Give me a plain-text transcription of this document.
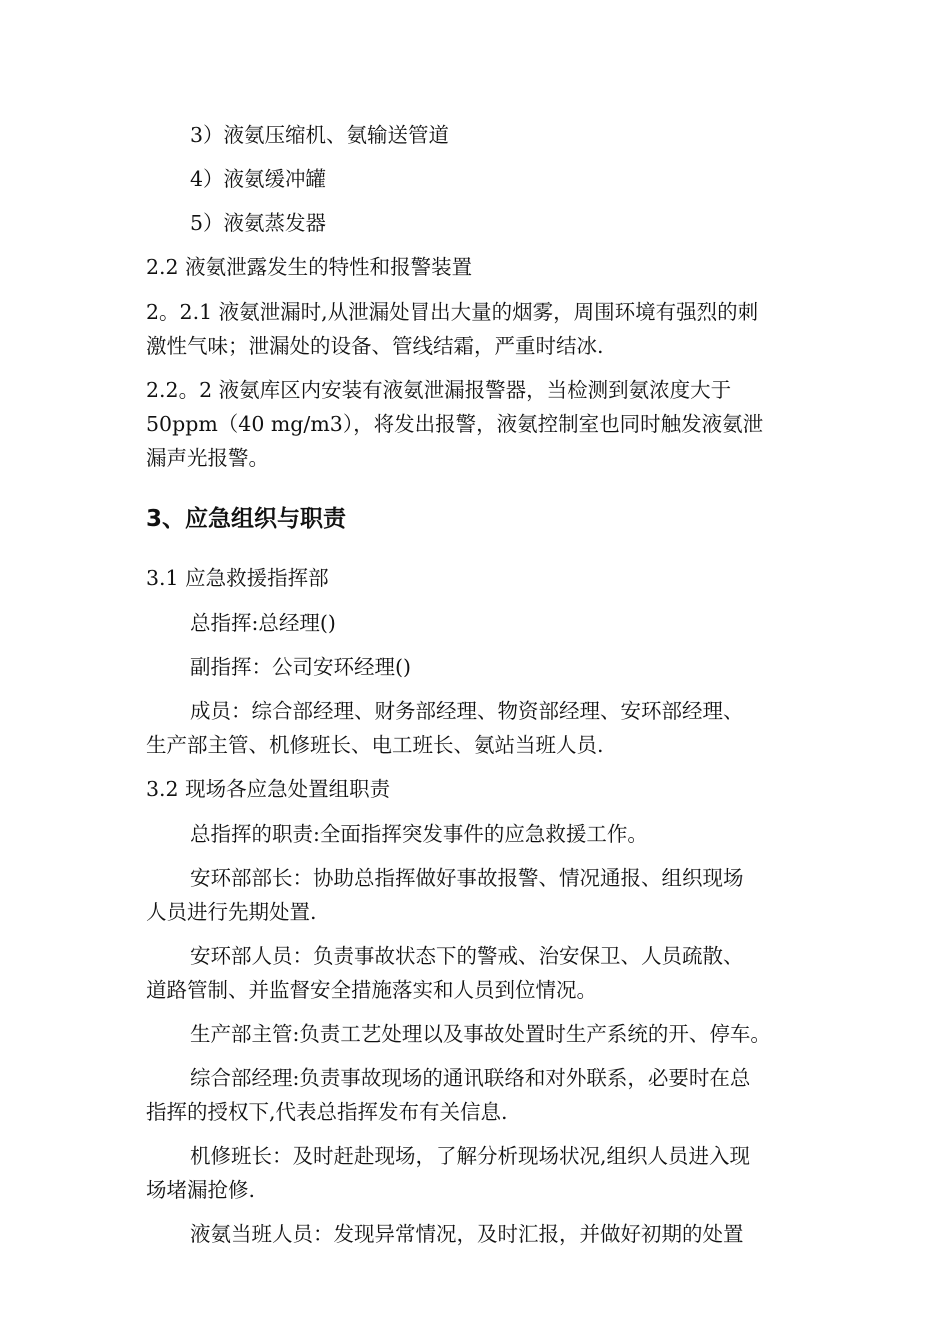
3）液氨压缩机、氨输送管道

4）液氨缓冲罐

5）液氨蒸发器

2.2 液氨泄露发生的特性和报警装置

2。2.1 液氨泄漏时,从泄漏处冒出大量的烟雾，周围环境有强烈的刺

激性气味；泄漏处的设备、管线结霜，严重时结冰.

2.2。2 液氨库区内安装有液氨泄漏报警器，当检测到氨浓度大于

50ppm（40 mg/m3），将发出报警，液氨控制室也同时触发液氨泄

漏声光报警。

3、应急组织与职责

3.1 应急救援指挥部

总指挥:总经理()

副指挥：公司安环经理()

成员：综合部经理、财务部经理、物资部经理、安环部经理、

生产部主管、机修班长、电工班长、氨站当班人员.

3.2 现场各应急处置组职责

总指挥的职责:全面指挥突发事件的应急救援工作。

安环部部长：协助总指挥做好事故报警、情况通报、组织现场

人员进行先期处置.

安环部人员：负责事故状态下的警戒、治安保卫、人员疏散、

道路管制、并监督安全措施落实和人员到位情况。

生产部主管:负责工艺处理以及事故处置时生产系统的开、停车。

综合部经理:负责事故现场的通讯联络和对外联系，必要时在总

指挥的授权下,代表总指挥发布有关信息.

机修班长：及时赶赴现场，了解分析现场状况,组织人员进入现

场堵漏抢修.

液氨当班人员：发现异常情况，及时汇报，并做好初期的处置
